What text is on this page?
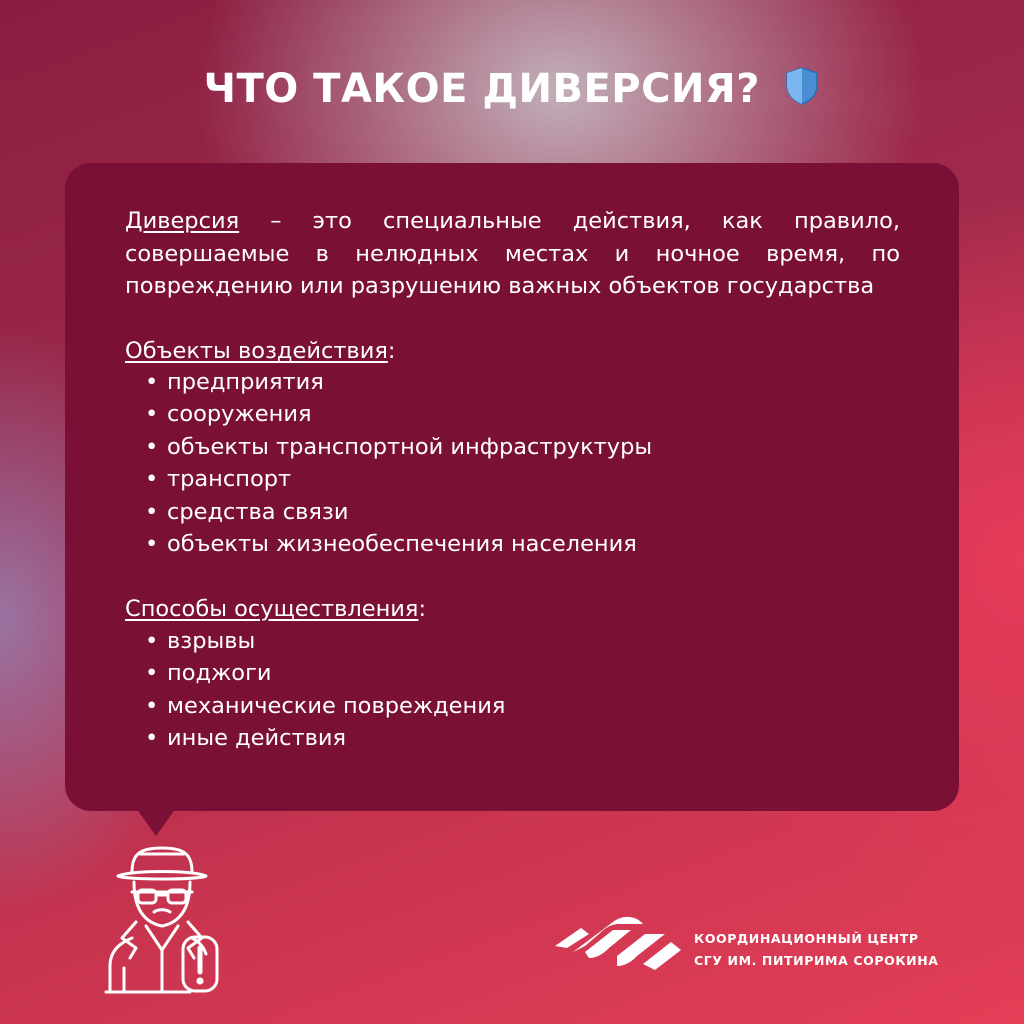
ЧТО ТАКОЕ ДИВЕРСИЯ?
Диверсия – это специальные действия, как правило, совершаемые в нелюдных местах и ночное время, по повреждению или разрушению важных объектов государства
Объекты воздействия:
• предприятия
• сооружения
• объекты транспортной инфраструктуры
• транспорт
• средства связи
• объекты жизнеобеспечения населения
Способы осуществления:
• взрывы
• поджоги
• механические повреждения
• иные действия
КООРДИНАЦИОННЫЙ ЦЕНТР
СГУ ИМ. ПИТИРИМА СОРОКИНА
